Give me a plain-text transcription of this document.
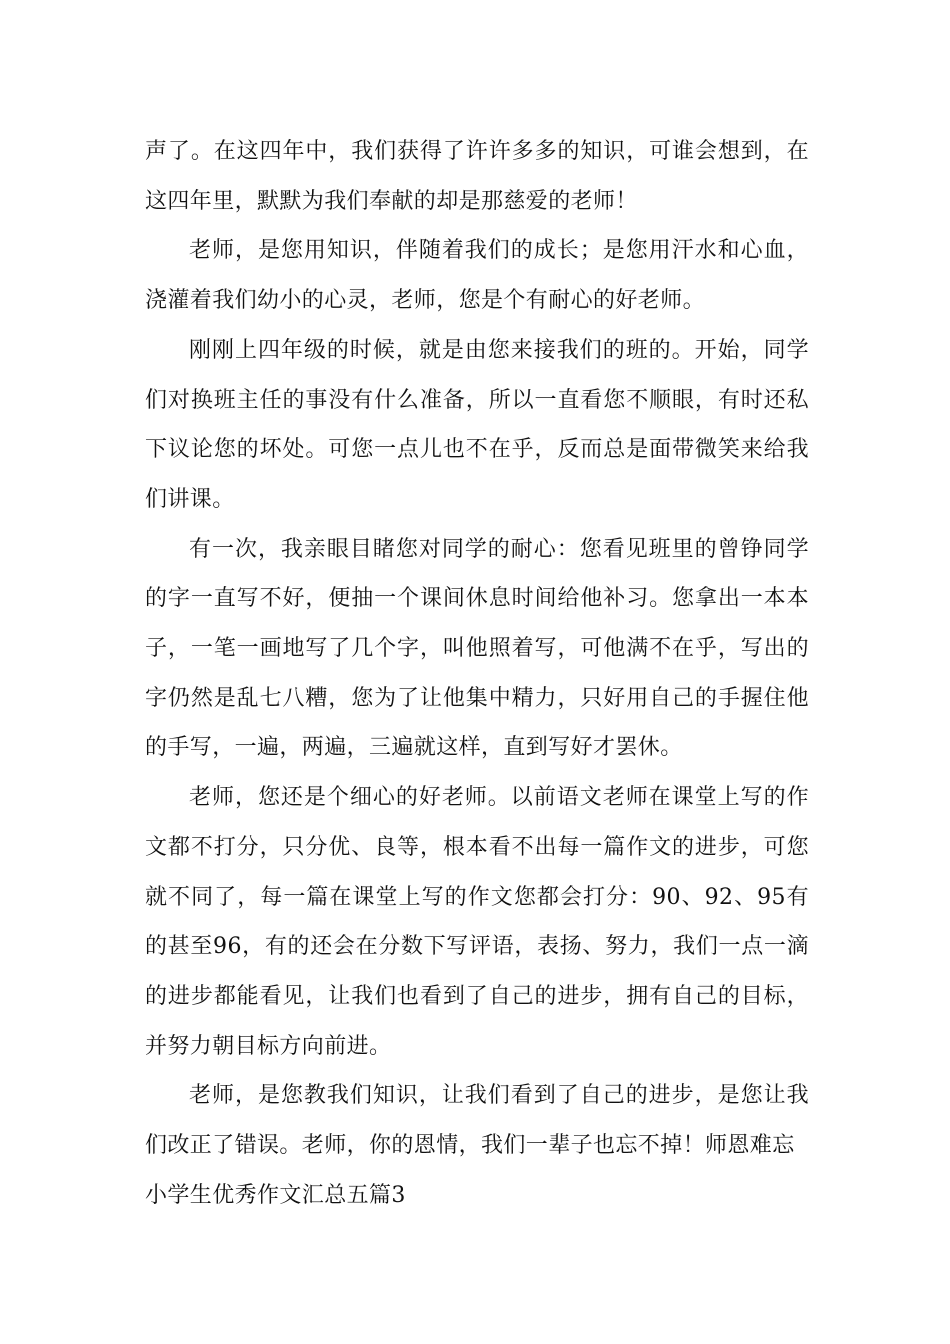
声了。在这四年中，我们获得了许许多多的知识，可谁会想到，在这四年里，默默为我们奉献的却是那慈爱的老师！

老师，是您用知识，伴随着我们的成长；是您用汗水和心血，浇灌着我们幼小的心灵，老师，您是个有耐心的好老师。

刚刚上四年级的时候，就是由您来接我们的班的。开始，同学们对换班主任的事没有什么准备，所以一直看您不顺眼，有时还私下议论您的坏处。可您一点儿也不在乎，反而总是面带微笑来给我们讲课。

有一次，我亲眼目睹您对同学的耐心：您看见班里的曾铮同学的字一直写不好，便抽一个课间休息时间给他补习。您拿出一本本子，一笔一画地写了几个字，叫他照着写，可他满不在乎，写出的字仍然是乱七八糟，您为了让他集中精力，只好用自己的手握住他的手写，一遍，两遍，三遍就这样，直到写好才罢休。

老师，您还是个细心的好老师。以前语文老师在课堂上写的作文都不打分，只分优、良等，根本看不出每一篇作文的进步，可您就不同了，每一篇在课堂上写的作文您都会打分：90、92、95有的甚至96，有的还会在分数下写评语，表扬、努力，我们一点一滴的进步都能看见，让我们也看到了自己的进步，拥有自己的目标，并努力朝目标方向前进。

老师，是您教我们知识，让我们看到了自己的进步，是您让我们改正了错误。老师，你的恩情，我们一辈子也忘不掉！师恩难忘

小学生优秀作文汇总五篇3
